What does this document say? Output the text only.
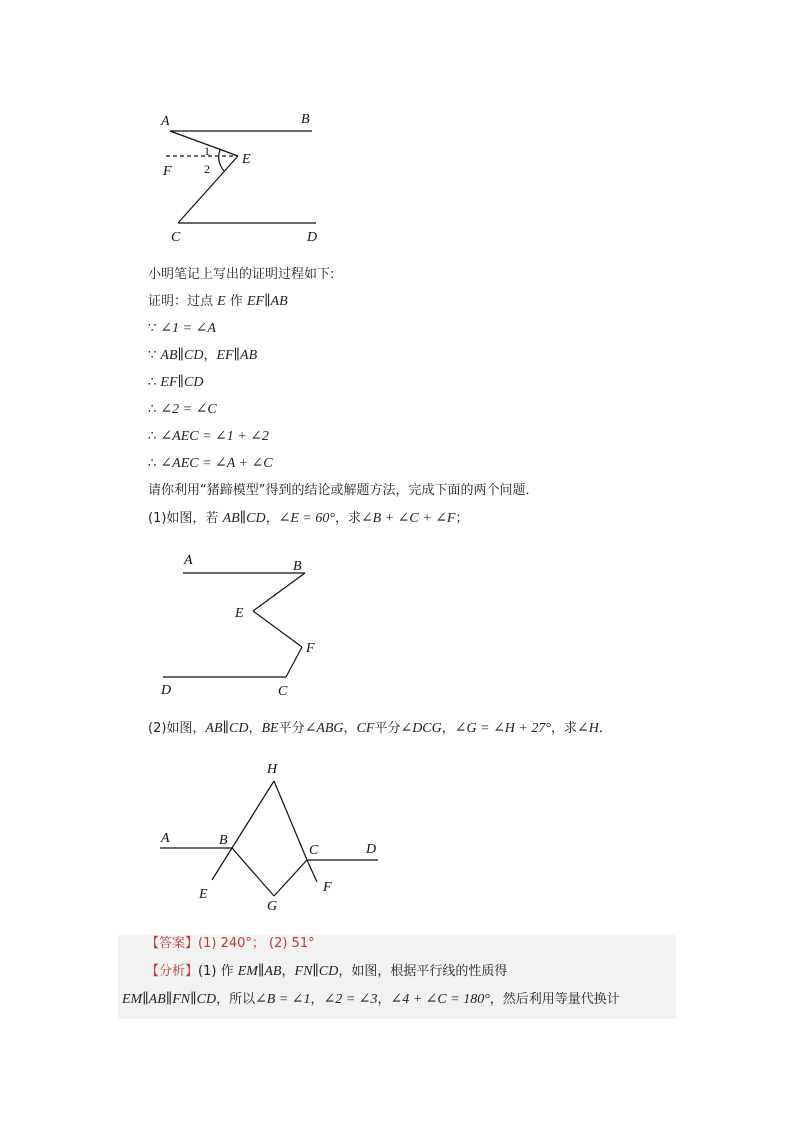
A	B
E
F
1
2
C	D
小明笔记上写出的证明过程如下:
证明：过点 E 作 EF∥AB
∵ ∠1 = ∠A
∵ AB∥CD，EF∥AB
∴ EF∥CD
∴ ∠2 = ∠C
∴ ∠AEC = ∠1 + ∠2
∴ ∠AEC = ∠A + ∠C
请你利用“猪蹄模型”得到的结论或解题方法，完成下面的两个问题．
(1)如图，若 AB∥CD，∠E = 60°，求∠B + ∠C + ∠F；
A	B
E
F
D	C
(2)如图，AB∥CD，BE平分∠ABG，CF平分∠DCG，∠G = ∠H + 27°，求∠H．
H
A	B
C	D
E	F
G
【答案】(1) 240°； (2) 51°
【分析】(1) 作 EM∥AB，FN∥CD，如图，根据平行线的性质得
EM∥AB∥FN∥CD，所以∠B = ∠1，∠2 = ∠3，∠4 + ∠C = 180°，然后利用等量代换计
